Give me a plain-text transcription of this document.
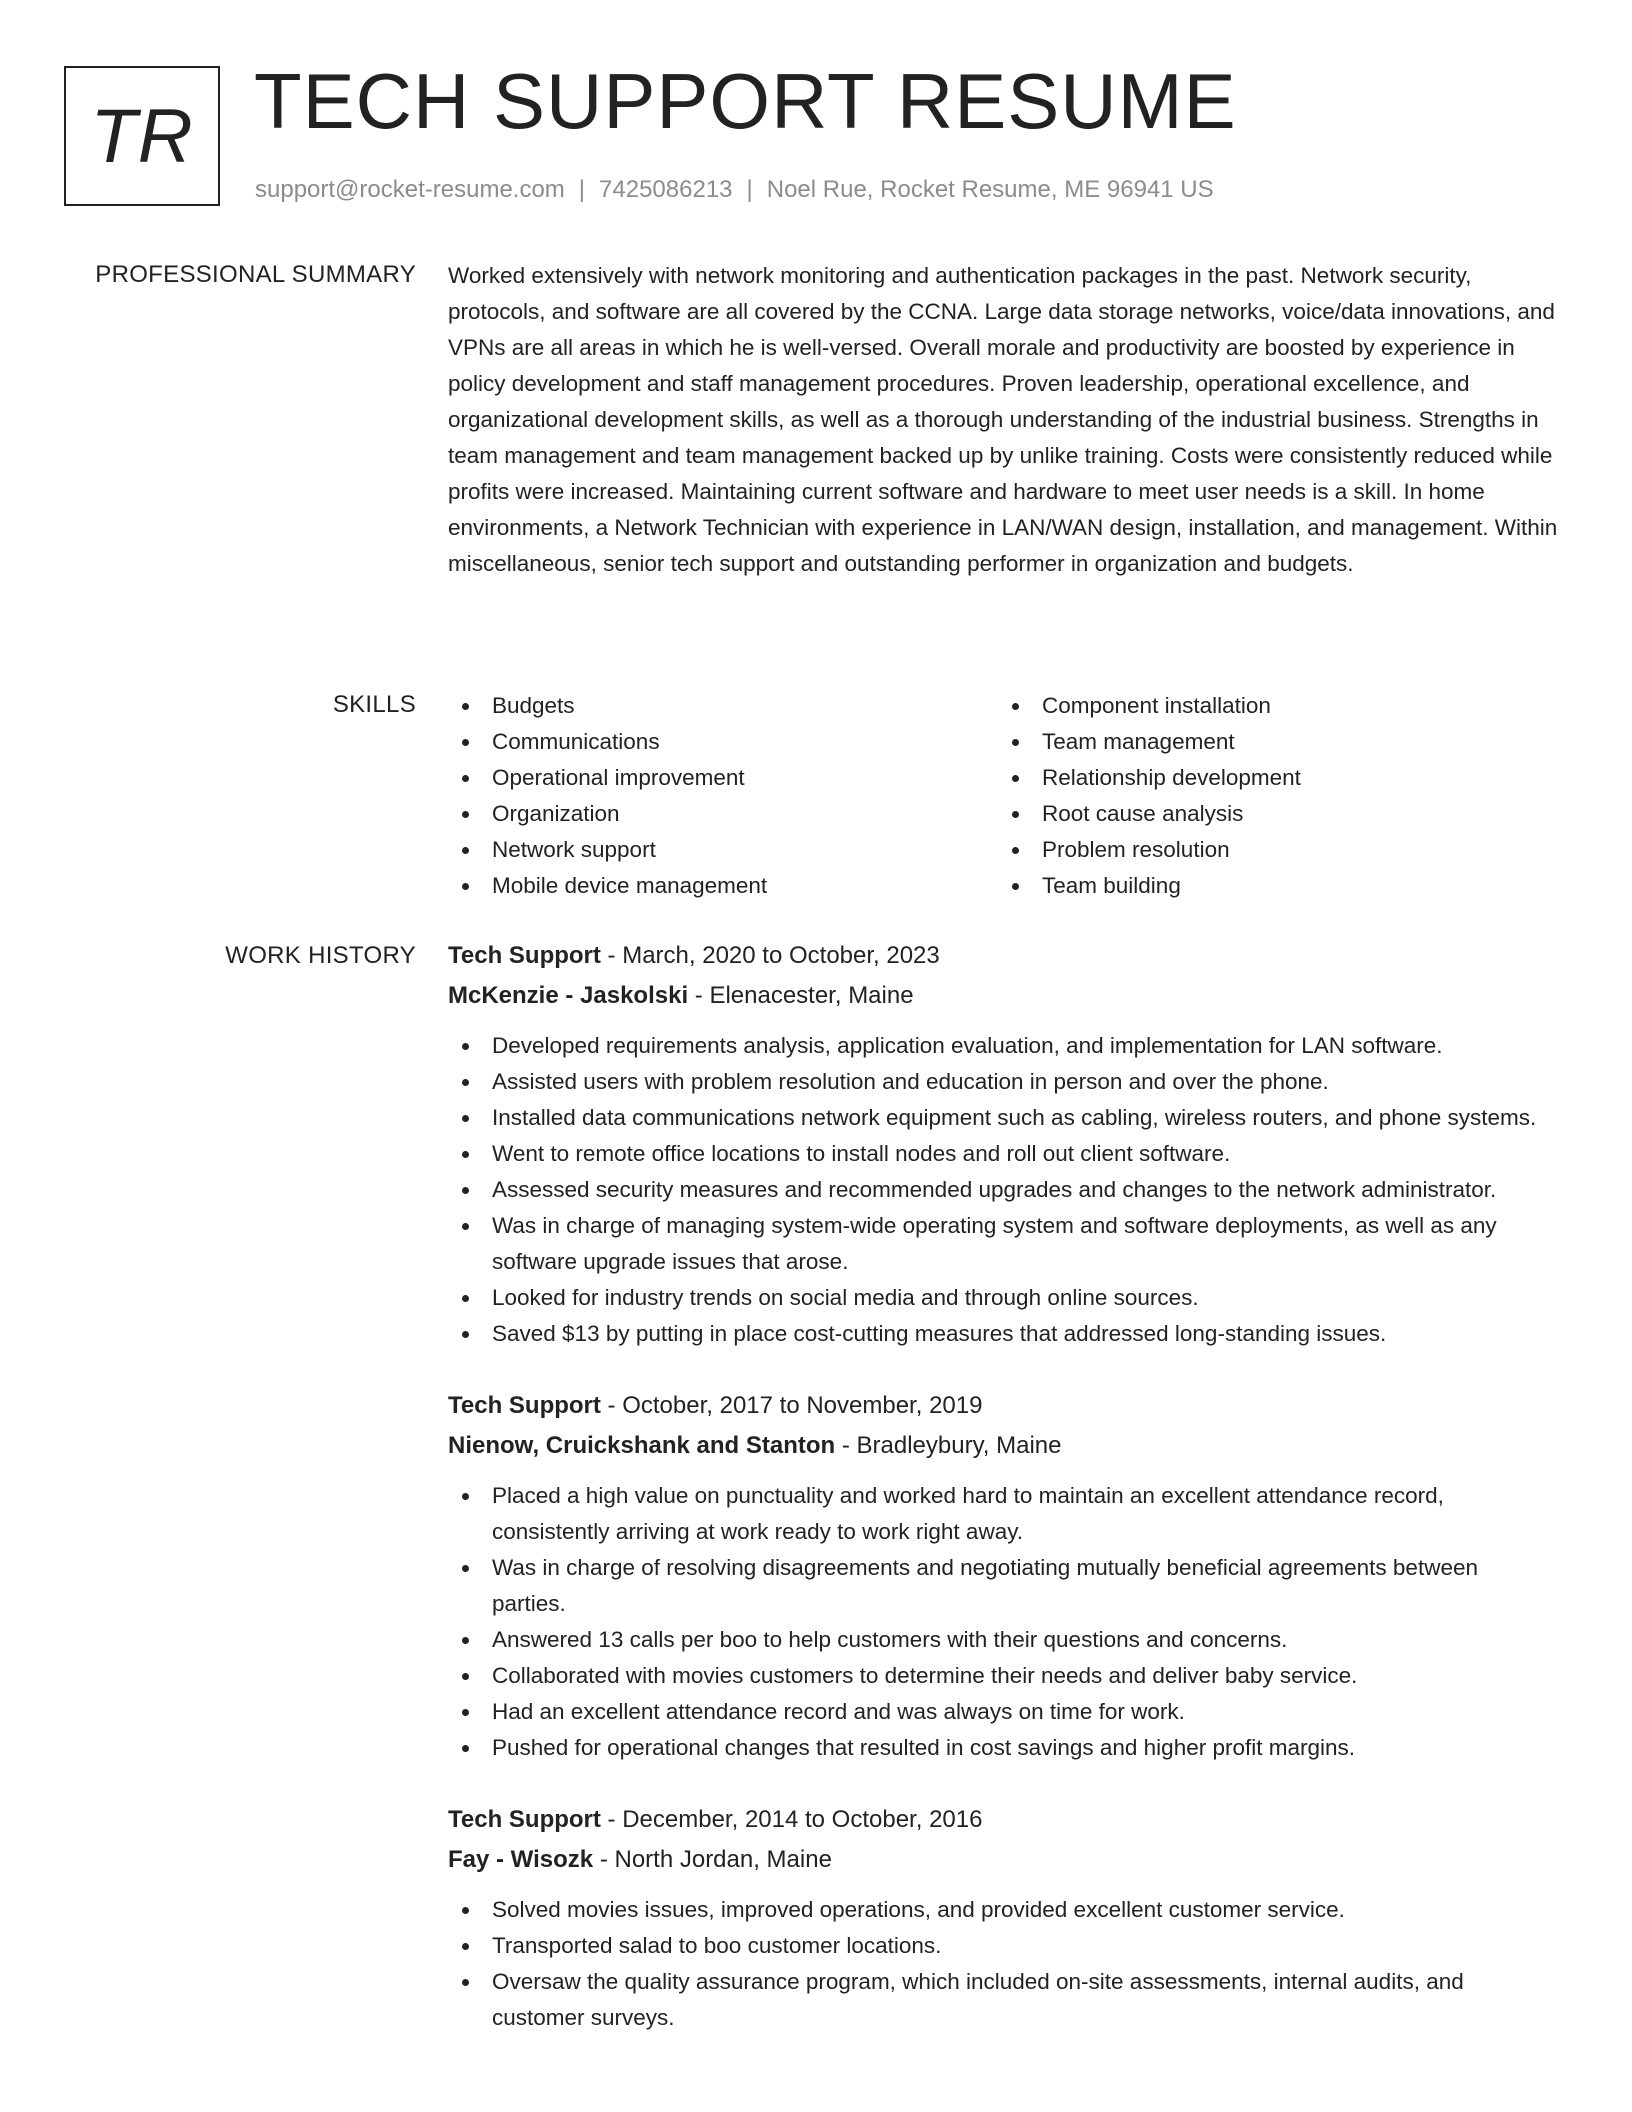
TR TECH SUPPORT RESUME
support@rocket-resume.com | 7425086213 | Noel Rue, Rocket Resume, ME 96941 US
PROFESSIONAL SUMMARY Worked extensively with network monitoring and authentication packages in the past. Network security, protocols, and software are all covered by the CCNA. Large data storage networks, voice/data innovations, and VPNs are all areas in which he is well-versed. Overall morale and productivity are boosted by experience in policy development and staff management procedures. Proven leadership, operational excellence, and organizational development skills, as well as a thorough understanding of the industrial business. Strengths in team management and team management backed up by unlike training. Costs were consistently reduced while profits were increased. Maintaining current software and hardware to meet user needs is a skill. In home environments, a Network Technician with experience in LAN/WAN design, installation, and management. Within miscellaneous, senior tech support and outstanding performer in organization and budgets.

SKILLS	Budgets
Communications
Operational improvement
Organization
Network support
Mobile device management
Component installation
Team management
Relationship development
Root cause analysis
Problem resolution
Team building
WORK HISTORY Tech Support - March, 2020 to October, 2023
McKenzie - Jaskolski - Elenacester, Maine
Developed requirements analysis, application evaluation, and implementation for LAN software.
Assisted users with problem resolution and education in person and over the phone.
Installed data communications network equipment such as cabling, wireless routers, and phone systems.
Went to remote office locations to install nodes and roll out client software.
Assessed security measures and recommended upgrades and changes to the network administrator.
Was in charge of managing system-wide operating system and software deployments, as well as any software upgrade issues that arose.
Looked for industry trends on social media and through online sources.
Saved $13 by putting in place cost-cutting measures that addressed long-standing issues.
Tech Support - October, 2017 to November, 2019
Nienow, Cruickshank and Stanton - Bradleybury, Maine
Placed a high value on punctuality and worked hard to maintain an excellent attendance record, consistently arriving at work ready to work right away.
Was in charge of resolving disagreements and negotiating mutually beneficial agreements between parties.
Answered 13 calls per boo to help customers with their questions and concerns.
Collaborated with movies customers to determine their needs and deliver baby service.
Had an excellent attendance record and was always on time for work.
Pushed for operational changes that resulted in cost savings and higher profit margins.
Tech Support - December, 2014 to October, 2016
Fay - Wisozk - North Jordan, Maine
Solved movies issues, improved operations, and provided excellent customer service.
Transported salad to boo customer locations.
Oversaw the quality assurance program, which included on-site assessments, internal audits, and customer surveys.
